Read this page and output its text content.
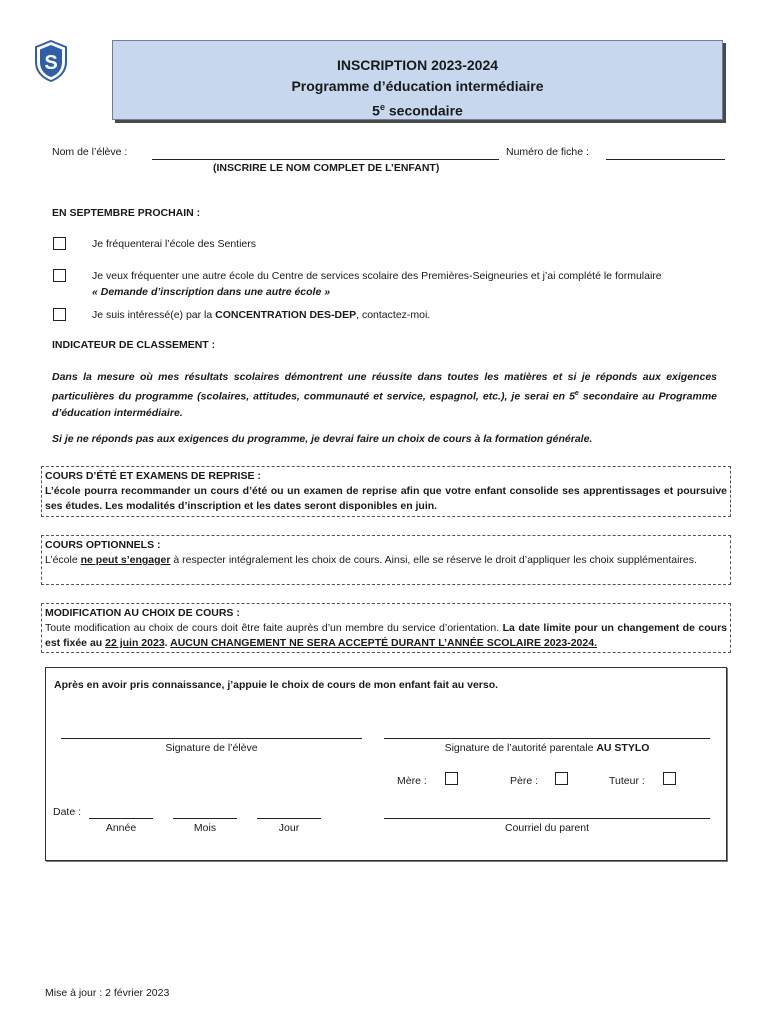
S	INSCRIPTION 2023-2024
Programme d’éducation intermédiaire
5e secondaire
Nom de l’élève :
(INSCRIRE LE NOM COMPLET DE L’ENFANT)
Numéro de fiche :
EN SEPTEMBRE PROCHAIN :
Je fréquenterai l’école des Sentiers
Je veux fréquenter une autre école du Centre de services scolaire des Premières-Seigneuries et j’ai complété le formulaire
« Demande d’inscription dans une autre école »
Je suis intéressé(e) par la CONCENTRATION DES-DEP, contactez-moi.
INDICATEUR DE CLASSEMENT :
Dans la mesure où mes résultats scolaires démontrent une réussite dans toutes les matières et si je réponds aux exigences particulières du programme (scolaires, attitudes, communauté et service, espagnol, etc.), je serai en 5e secondaire au Programme d’éducation intermédiaire.
Si je ne réponds pas aux exigences du programme, je devrai faire un choix de cours à la formation générale.
COURS D’ÉTÉ ET EXAMENS DE REPRISE :
L’école pourra recommander un cours d’été ou un examen de reprise afin que votre enfant consolide ses apprentissages et poursuive ses études. Les modalités d’inscription et les dates seront disponibles en juin.
COURS OPTIONNELS :
L’école ne peut s’engager à respecter intégralement les choix de cours. Ainsi, elle se réserve le droit d’appliquer les choix supplémentaires.
MODIFICATION AU CHOIX DE COURS :
Toute modification au choix de cours doit être faite auprès d’un membre du service d’orientation. La date limite pour un changement de cours est fixée au 22 juin 2023. AUCUN CHANGEMENT NE SERA ACCEPTÉ DURANT L’ANNÉE SCOLAIRE 2023-2024.
Après en avoir pris connaissance, j’appuie le choix de cours de mon enfant fait au verso.
Signature de l’élève	Signature de l’autorité parentale AU STYLO
Mère :	Père :	Tuteur :
Date :
Année	Mois	Jour	Courriel du parent
Mise à jour : 2 février 2023
